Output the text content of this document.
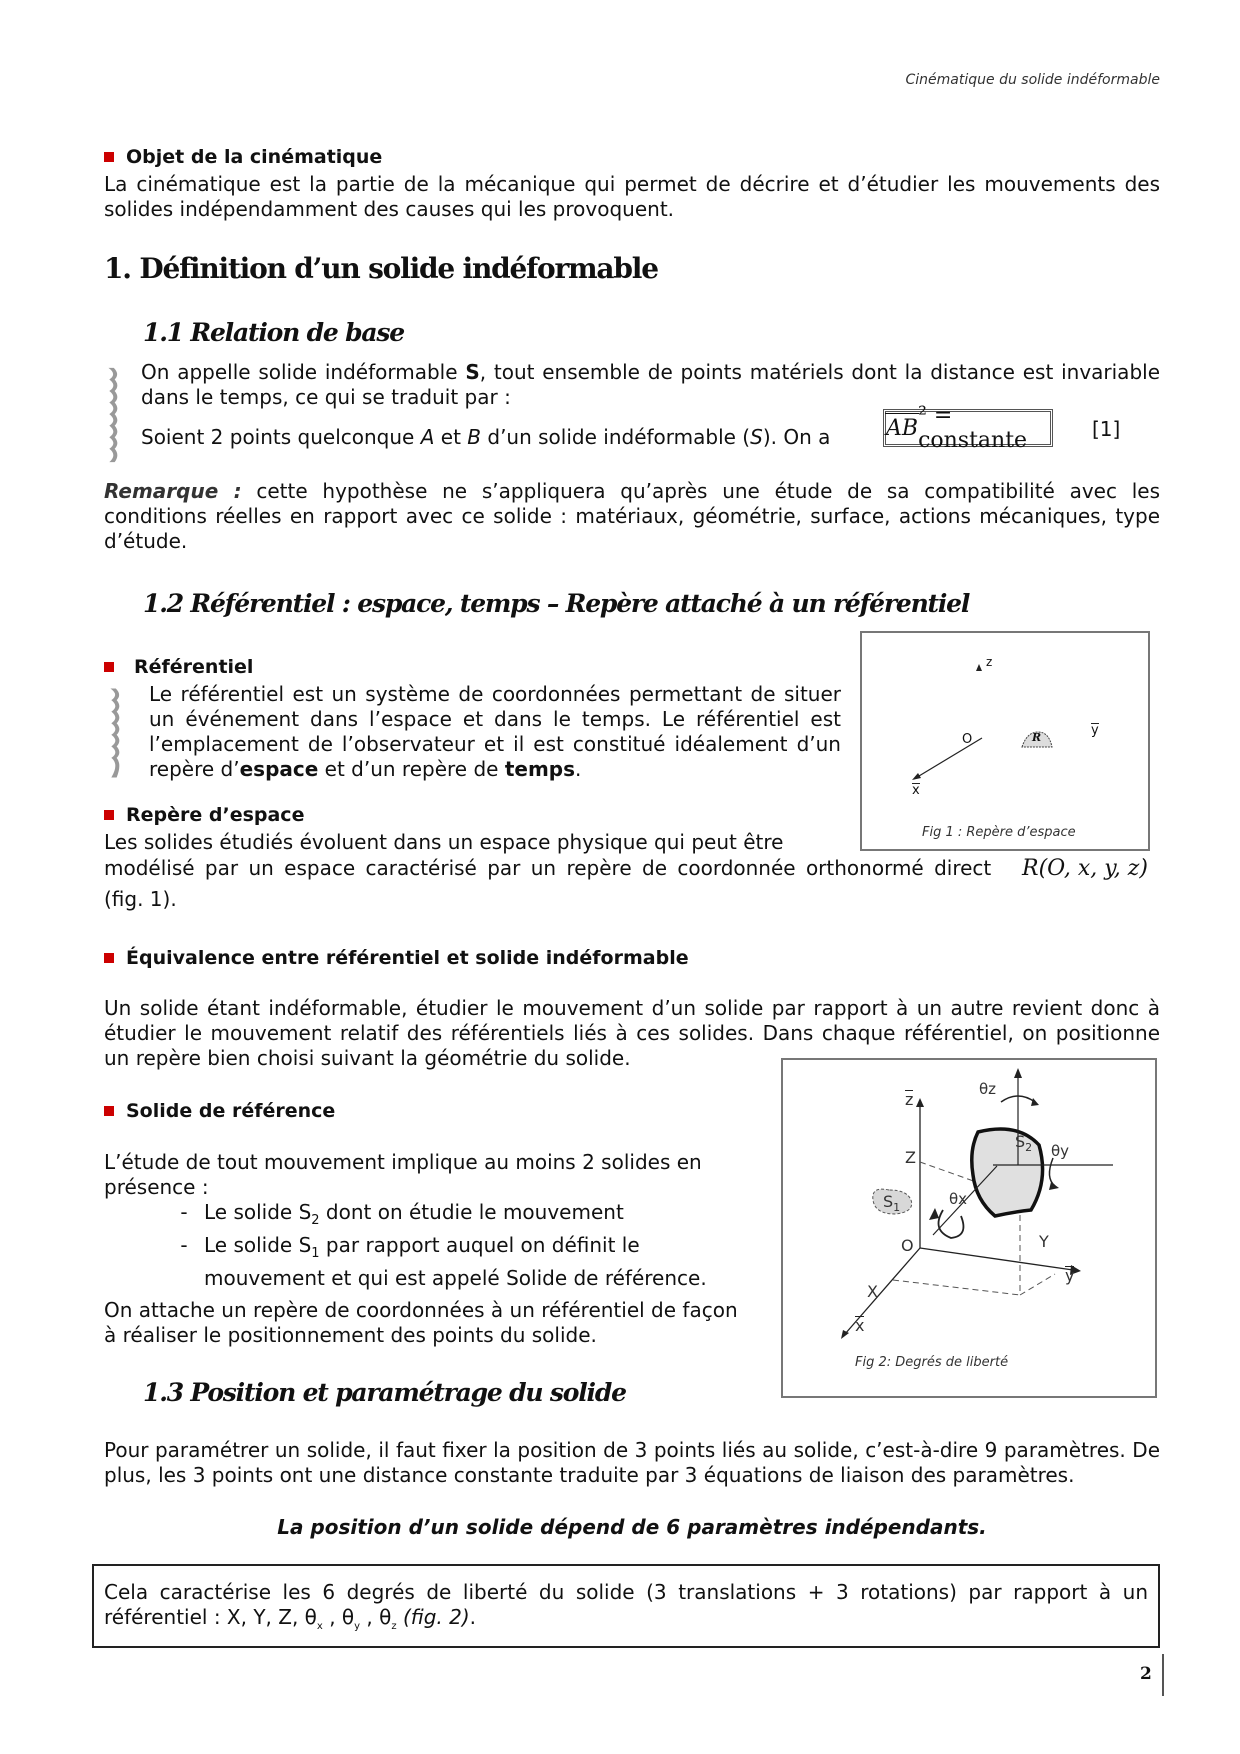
Cinématique du solide indéformable
Objet de la cinématique

La cinématique est la partie de la mécanique qui permet de décrire et d’étudier les mouvements des solides indépendamment des causes qui les provoquent.

1. Définition d’un solide indéformable
1.1 Relation de base

On appelle solide indéformable S, tout ensemble de points matériels dont la distance est invariable dans le temps, ce qui se traduit par :

Soient 2 points quelconque A et B d’un solide indéformable (S). On a	AB ² = constante	[1]

Remarque : cette hypothèse ne s’appliquera qu’après une étude de sa compatibilité avec les conditions réelles en rapport avec ce solide : matériaux, géométrie, surface, actions mécaniques, type d’étude.

1.2 Référentiel : espace, temps – Repère attaché à un référentiel
Référentiel

Le référentiel est un système de coordonnées permettant de situer un événement dans l’espace et dans le temps. Le référentiel est l’emplacement de l’observateur et il est constitué idéalement d’un repère d’espace et d’un repère de temps.

z
O	R	y
x
Fig 1 : Repère d’espace
Repère d’espace

Les solides étudiés évoluent dans un espace physique qui peut être

modélisé par un espace caractérisé par un repère de coordonnée orthonormé direct	R(O, x, y, z)

(fig. 1).

Équivalence entre référentiel et solide indéformable

Un solide étant indéformable, étudier le mouvement d’un solide par rapport à un autre revient donc à étudier le mouvement relatif des référentiels liés à ces solides. Dans chaque référentiel, on positionne un repère bien choisi suivant la géométrie du solide.

z
Z
θz
$S_2$ θy
$S_1$	θx
O	Y
y
X
x
Fig 2: Degrés de liberté
Solide de référence

L’étude de tout mouvement implique au moins 2 solides en présence :

- Le solide $S_2$ dont on étudie le mouvement
- Le solide $S_1$ par rapport auquel on définit le mouvement et qui est appelé Solide de référence.

On attache un repère de coordonnées à un référentiel de façon à réaliser le positionnement des points du solide.

1.3 Position et paramétrage du solide

Pour paramétrer un solide, il faut fixer la position de 3 points liés au solide, c’est-à-dire 9 paramètres. De plus, les 3 points ont une distance constante traduite par 3 équations de liaison des paramètres.

La position d’un solide dépend de 6 paramètres indépendants.

Cela caractérise les 6 degrés de liberté du solide (3 translations + 3 rotations) par rapport à un référentiel : X, Y, Z, $\theta_x$ , $\theta_y$ , $\theta_z$ (fig. 2).

2
